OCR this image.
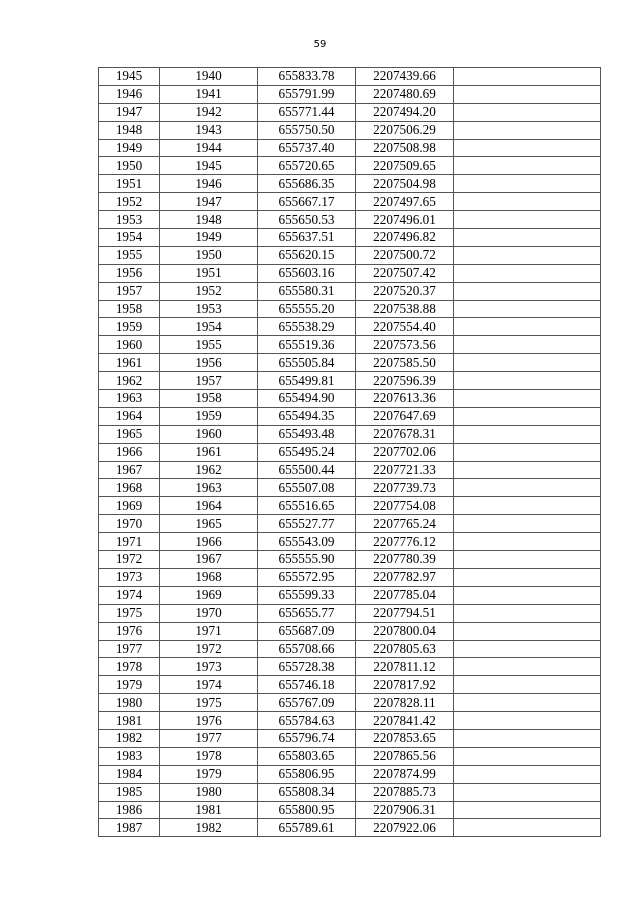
59
1945	1940	655833.78	2207439.66	
1946	1941	655791.99	2207480.69	
1947	1942	655771.44	2207494.20	
1948	1943	655750.50	2207506.29	
1949	1944	655737.40	2207508.98	
1950	1945	655720.65	2207509.65	
1951	1946	655686.35	2207504.98	
1952	1947	655667.17	2207497.65	
1953	1948	655650.53	2207496.01	
1954	1949	655637.51	2207496.82	
1955	1950	655620.15	2207500.72	
1956	1951	655603.16	2207507.42	
1957	1952	655580.31	2207520.37	
1958	1953	655555.20	2207538.88	
1959	1954	655538.29	2207554.40	
1960	1955	655519.36	2207573.56	
1961	1956	655505.84	2207585.50	
1962	1957	655499.81	2207596.39	
1963	1958	655494.90	2207613.36	
1964	1959	655494.35	2207647.69	
1965	1960	655493.48	2207678.31	
1966	1961	655495.24	2207702.06	
1967	1962	655500.44	2207721.33	
1968	1963	655507.08	2207739.73	
1969	1964	655516.65	2207754.08	
1970	1965	655527.77	2207765.24	
1971	1966	655543.09	2207776.12	
1972	1967	655555.90	2207780.39	
1973	1968	655572.95	2207782.97	
1974	1969	655599.33	2207785.04	
1975	1970	655655.77	2207794.51	
1976	1971	655687.09	2207800.04	
1977	1972	655708.66	2207805.63	
1978	1973	655728.38	2207811.12	
1979	1974	655746.18	2207817.92	
1980	1975	655767.09	2207828.11	
1981	1976	655784.63	2207841.42	
1982	1977	655796.74	2207853.65	
1983	1978	655803.65	2207865.56	
1984	1979	655806.95	2207874.99	
1985	1980	655808.34	2207885.73	
1986	1981	655800.95	2207906.31	
1987	1982	655789.61	2207922.06	
